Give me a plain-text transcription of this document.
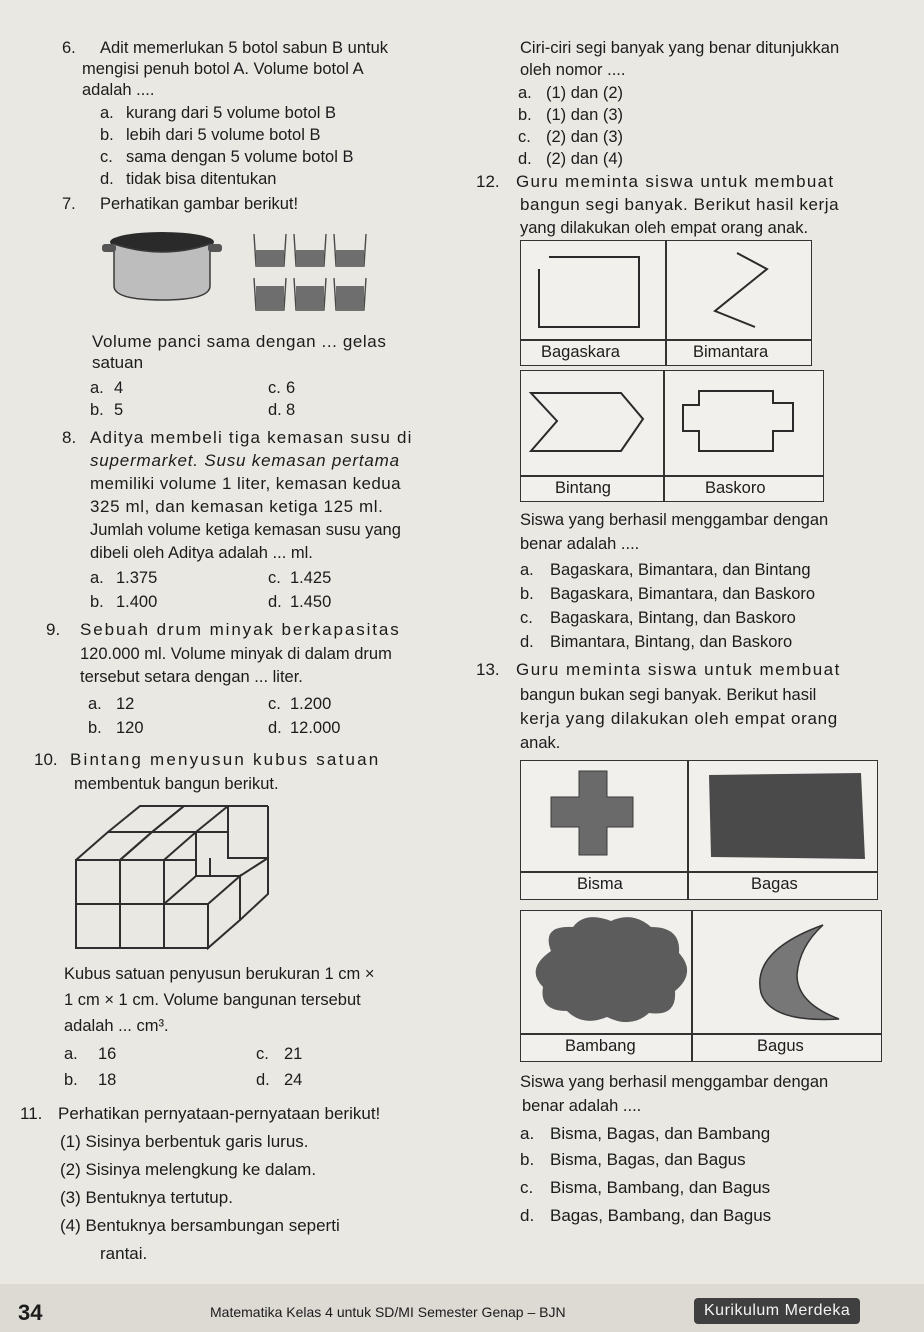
6. Adit memerlukan 5 botol sabun B untuk
mengisi penuh botol A. Volume botol A
adalah ....
a. kurang dari 5 volume botol B
b. lebih dari 5 volume botol B
c. sama dengan 5 volume botol B
d. tidak bisa ditentukan
7. Perhatikan gambar berikut!
Volume panci sama dengan ... gelas
satuan
a. 4	c. 6
b. 5	d. 8
8. Aditya membeli tiga kemasan susu di
supermarket. Susu kemasan pertama
memiliki volume 1 liter, kemasan kedua
325 ml, dan kemasan ketiga 125 ml.
Jumlah volume ketiga kemasan susu yang
dibeli oleh Aditya adalah ... ml.
a. 1.375	c. 1.425
b. 1.400	d. 1.450
9. Sebuah drum minyak berkapasitas
120.000 ml. Volume minyak di dalam drum
tersebut setara dengan ... liter.
a. 12	c. 1.200
b. 120	d. 12.000
10. Bintang menyusun kubus satuan
membentuk bangun berikut.
Kubus satuan penyusun berukuran 1 cm ×
1 cm × 1 cm. Volume bangunan tersebut
adalah ... cm³.
a. 16	c. 21
b. 18	d. 24
11. Perhatikan pernyataan-pernyataan berikut!
(1) Sisinya berbentuk garis lurus.
(2) Sisinya melengkung ke dalam.
(3) Bentuknya tertutup.
(4) Bentuknya bersambungan seperti
rantai.
Ciri-ciri segi banyak yang benar ditunjukkan
oleh nomor ....
a. (1) dan (2)
b. (1) dan (3)
c. (2) dan (3)
d. (2) dan (4)
12. Guru meminta siswa untuk membuat
bangun segi banyak. Berikut hasil kerja
yang dilakukan oleh empat orang anak.
Bagaskara	Bimantara
Bintang	Baskoro
Siswa yang berhasil menggambar dengan
benar adalah ....
a. Bagaskara, Bimantara, dan Bintang
b. Bagaskara, Bimantara, dan Baskoro
c. Bagaskara, Bintang, dan Baskoro
d. Bimantara, Bintang, dan Baskoro
13. Guru meminta siswa untuk membuat
bangun bukan segi banyak. Berikut hasil
kerja yang dilakukan oleh empat orang
anak.
Bisma	Bagas
Bambang	Bagus
Siswa yang berhasil menggambar dengan
benar adalah ....
a. Bisma, Bagas, dan Bambang
b. Bisma, Bagas, dan Bagus
c. Bisma, Bambang, dan Bagus
d. Bagas, Bambang, dan Bagus
34	Matematika Kelas 4 untuk SD/MI Semester Genap – BJN	Kurikulum Merdeka
